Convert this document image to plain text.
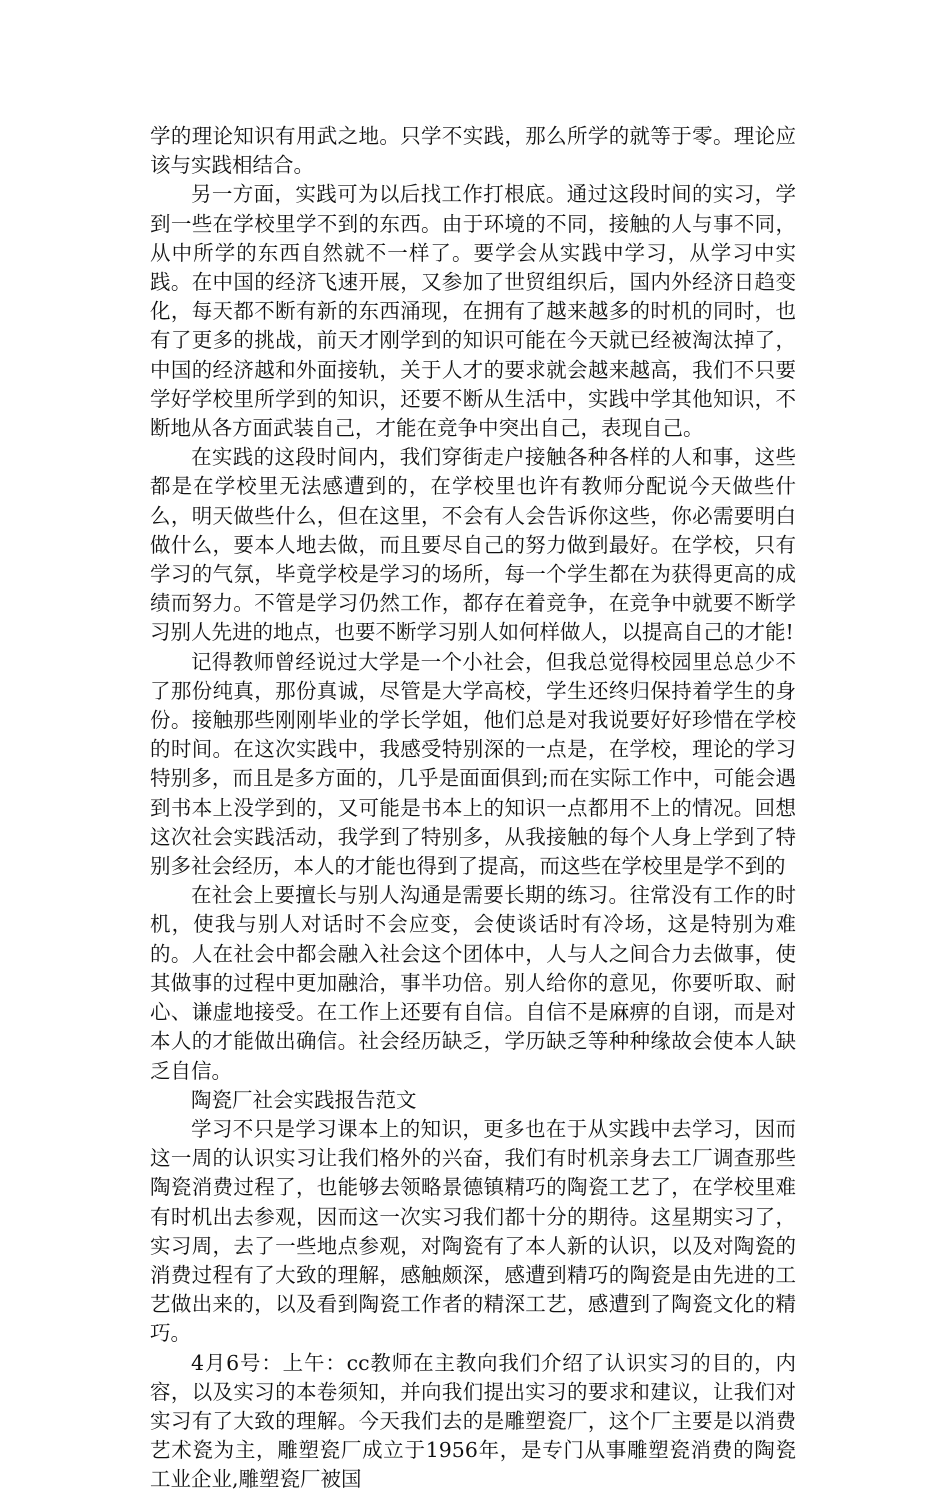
学的理论知识有用武之地。只学不实践，那么所学的就等于零。理论应该与实践相结合。

另一方面，实践可为以后找工作打根底。通过这段时间的实习，学到一些在学校里学不到的东西。由于环境的不同，接触的人与事不同，从中所学的东西自然就不一样了。要学会从实践中学习，从学习中实践。在中国的经济飞速开展，又参加了世贸组织后，国内外经济日趋变化，每天都不断有新的东西涌现，在拥有了越来越多的时机的同时，也有了更多的挑战，前天才刚学到的知识可能在今天就已经被淘汰掉了，中国的经济越和外面接轨，关于人才的要求就会越来越高，我们不只要学好学校里所学到的知识，还要不断从生活中，实践中学其他知识，不断地从各方面武装自己，才能在竞争中突出自己，表现自己。

在实践的这段时间内，我们穿街走户接触各种各样的人和事，这些都是在学校里无法感遭到的，在学校里也许有教师分配说今天做些什么，明天做些什么，但在这里，不会有人会告诉你这些，你必需要明白做什么，要本人地去做，而且要尽自己的努力做到最好。在学校，只有学习的气氛，毕竟学校是学习的场所，每一个学生都在为获得更高的成绩而努力。不管是学习仍然工作，都存在着竞争，在竞争中就要不断学习别人先进的地点，也要不断学习别人如何样做人，以提高自己的才能!

记得教师曾经说过大学是一个小社会，但我总觉得校园里总总少不了那份纯真，那份真诚，尽管是大学高校，学生还终归保持着学生的身份。接触那些刚刚毕业的学长学姐，他们总是对我说要好好珍惜在学校的时间。在这次实践中，我感受特别深的一点是，在学校，理论的学习特别多，而且是多方面的，几乎是面面俱到;而在实际工作中，可能会遇到书本上没学到的，又可能是书本上的知识一点都用不上的情况。回想这次社会实践活动，我学到了特别多，从我接触的每个人身上学到了特别多社会经历，本人的才能也得到了提高，而这些在学校里是学不到的

在社会上要擅长与别人沟通是需要长期的练习。往常没有工作的时机，使我与别人对话时不会应变，会使谈话时有冷场，这是特别为难的。人在社会中都会融入社会这个团体中，人与人之间合力去做事，使其做事的过程中更加融洽，事半功倍。别人给你的意见，你要听取、耐心、谦虚地接受。在工作上还要有自信。自信不是麻痹的自诩，而是对本人的才能做出确信。社会经历缺乏，学历缺乏等种种缘故会使本人缺乏自信。

陶瓷厂社会实践报告范文

学习不只是学习课本上的知识，更多也在于从实践中去学习，因而这一周的认识实习让我们格外的兴奋，我们有时机亲身去工厂调查那些陶瓷消费过程了，也能够去领略景德镇精巧的陶瓷工艺了，在学校里难有时机出去参观，因而这一次实习我们都十分的期待。这星期实习了，实习周，去了一些地点参观，对陶瓷有了本人新的认识，以及对陶瓷的消费过程有了大致的理解，感触颇深，感遭到精巧的陶瓷是由先进的工艺做出来的，以及看到陶瓷工作者的精深工艺，感遭到了陶瓷文化的精巧。

4月6号：上午：cc教师在主教向我们介绍了认识实习的目的，内容，以及实习的本卷须知，并向我们提出实习的要求和建议，让我们对实习有了大致的理解。今天我们去的是雕塑瓷厂，这个厂主要是以消费艺术瓷为主，雕塑瓷厂成立于1956年，是专门从事雕塑瓷消费的陶瓷工业企业,雕塑瓷厂被国
